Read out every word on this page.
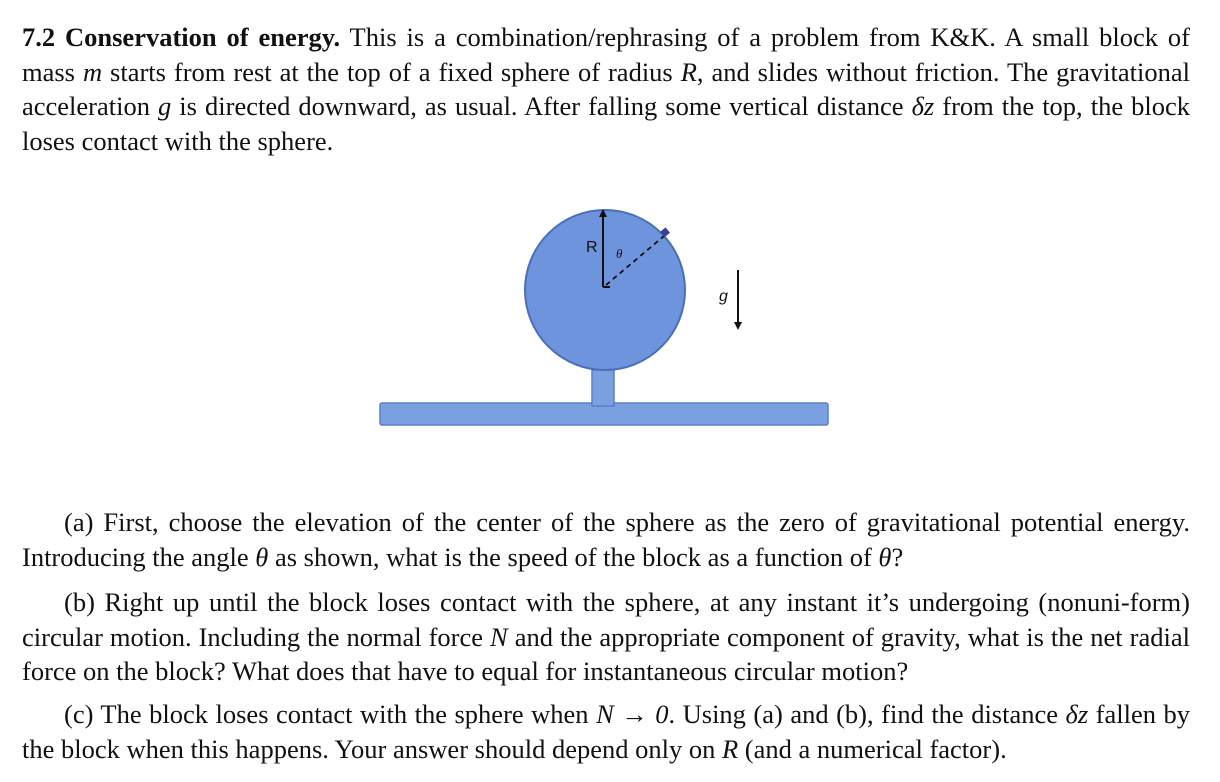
7.2 Conservation of energy. This is a combination/rephrasing of a problem from K&K. A small block of mass m starts from rest at the top of a fixed sphere of radius R, and slides without friction. The gravitational acceleration g is directed downward, as usual. After falling some vertical distance δz from the top, the block loses contact with the sphere.
R θ
g
(a) First, choose the elevation of the center of the sphere as the zero of gravitational potential energy. Introducing the angle θ as shown, what is the speed of the block as a function of θ?
(b) Right up until the block loses contact with the sphere, at any instant it’s undergoing (nonuni-form) circular motion. Including the normal force N and the appropriate component of gravity, what is the net radial force on the block? What does that have to equal for instantaneous circular motion?
(c) The block loses contact with the sphere when N → 0. Using (a) and (b), find the distance δz fallen by the block when this happens. Your answer should depend only on R (and a numerical factor).
